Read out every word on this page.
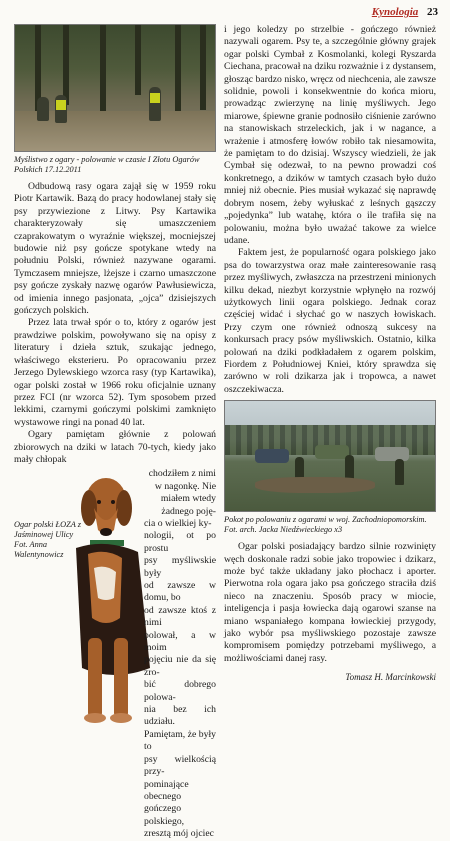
Kynologia 23
Myślistwo z ogary - polowanie w czasie I Złotu Ogarów Polskich 17.12.2011

Odbudową rasy ogara zajął się w 1959 roku Piotr Kartawik. Bazą do pracy hodowlanej stały się psy przywiezione z Litwy. Psy Kartawika charakteryzowały się umaszczeniem czaprakowatym o wyraźnie większej, mocniejszej budowie niż psy gończe spotykane wtedy na południu Polski, również nazywane ogarami. Tymczasem mniejsze, lżejsze i czarno umaszczone psy gończe zyskały nazwę ogarów Pawłusiewicza, od imienia innego pasjonata, „ojca” dzisiejszych gończych polskich.

Przez lata trwał spór o to, który z ogarów jest prawdziwe polskim, powoływano się na opisy z literatury i dzieła sztuk, szukając jednego, właściwego eksterieru. Po opracowaniu przez Jerzego Dylewskiego wzorca rasy (typ Kartawika), ogar polski został w 1966 roku oficjalnie uznany przez FCI (nr wzorca 52). Tym sposobem przed lekkimi, czarnymi gończymi polskimi zamknięto wystawowe ringi na ponad 40 lat.

Ogary pamiętam głównie z polowań zbiorowych na dziki w latach 70-tych, kiedy jako mały chłopak

Ogar polski ŁOZA z Jaśminowej Ulicy Fot. Anna Walentynowicz
chodziłem z nimi
w nagonkę. Nie
miałem wtedy
żadnego poję-
cia o wielkiej ky-
nologii, ot po prostu
psy myśliwskie były
od zawsze w domu, bo
od zawsze ktoś z nimi
polował, a w moim
pojęciu nie da się zro-
bić dobrego polowa-
nia bez ich udziału.
Pamiętam, że były to
psy wielkością przy-
pominające obecnego
gończego polskiego,
zresztą mój ojciec

i jego koledzy po strzelbie - gończego również nazywali ogarem. Psy te, a szczególnie główny grajek ogar polski Cymbał z Kosmolanki, kolegi Ryszarda Ciechana, pracował na dziku rozważnie i z dystansem, głosząc bardzo nisko, wręcz od niechcenia, ale zawsze solidnie, powoli i konsekwentnie do końca mioru, prowadząc zwierzynę na linię myśliwych. Jego miarowe, śpiewne granie podnosiło ciśnienie zarówno na stanowiskach strzeleckich, jak i w nagance, a wrażenie i atmosferę łowów robiło tak niesamowita, że pamiętam to do dzisiaj. Wszyscy wiedzieli, że jak Cymbał się odezwał, to na pewno prowadzi coś konkretnego, a dzików w tamtych czasach było dużo mniej niż obecnie. Pies musiał wykazać się naprawdę dobrym nosem, żeby wyłuskać z leśnych gąszczy „pojedynka” lub watahę, która o ile trafiła się na polowaniu, można było uważać takowe za wielce udane.

Faktem jest, że popularność ogara polskiego jako psa do towarzystwa oraz małe zainteresowanie rasą przez myśliwych, zwłaszcza na przestrzeni minionych kilku dekad, niezbyt korzystnie wpłynęło na rozwój użytkowych linii ogara polskiego. Jednak coraz częściej widać i słychać go w naszych łowiskach. Przy czym one również odnoszą sukcesy na konkursach pracy psów myśliwskich. Ostatnio, kilka polowań na dziki podkładałem z ogarem polskim, Fiordem z Południowej Kniei, który sprawdza się zarówno w roli dzikarza jak i tropowca, a nawet oszczekiwacza.

Pokot po polowaniu z ogarami w woj. Zachodniopomorskim. Fot. arch. Jacka Niedźwieckiego x3

Ogar polski posiadający bardzo silnie rozwinięty węch doskonale radzi sobie jako tropowiec i dzikarz, może być także układany jako płochacz i aporter. Pierwotna rola ogara jako psa gończego straciła dziś nieco na znaczeniu. Sposób pracy w miocie, inteligencja i pasja łowiecka dają ogarowi szanse na miano wspaniałego kompana łowieckiej przygody, jako wybór psa myśliwskiego pozostaje zawsze kompromisem pomiędzy potrzebami myśliwego, a możliwościami danej rasy.

Tomasz H. Marcinkowski
